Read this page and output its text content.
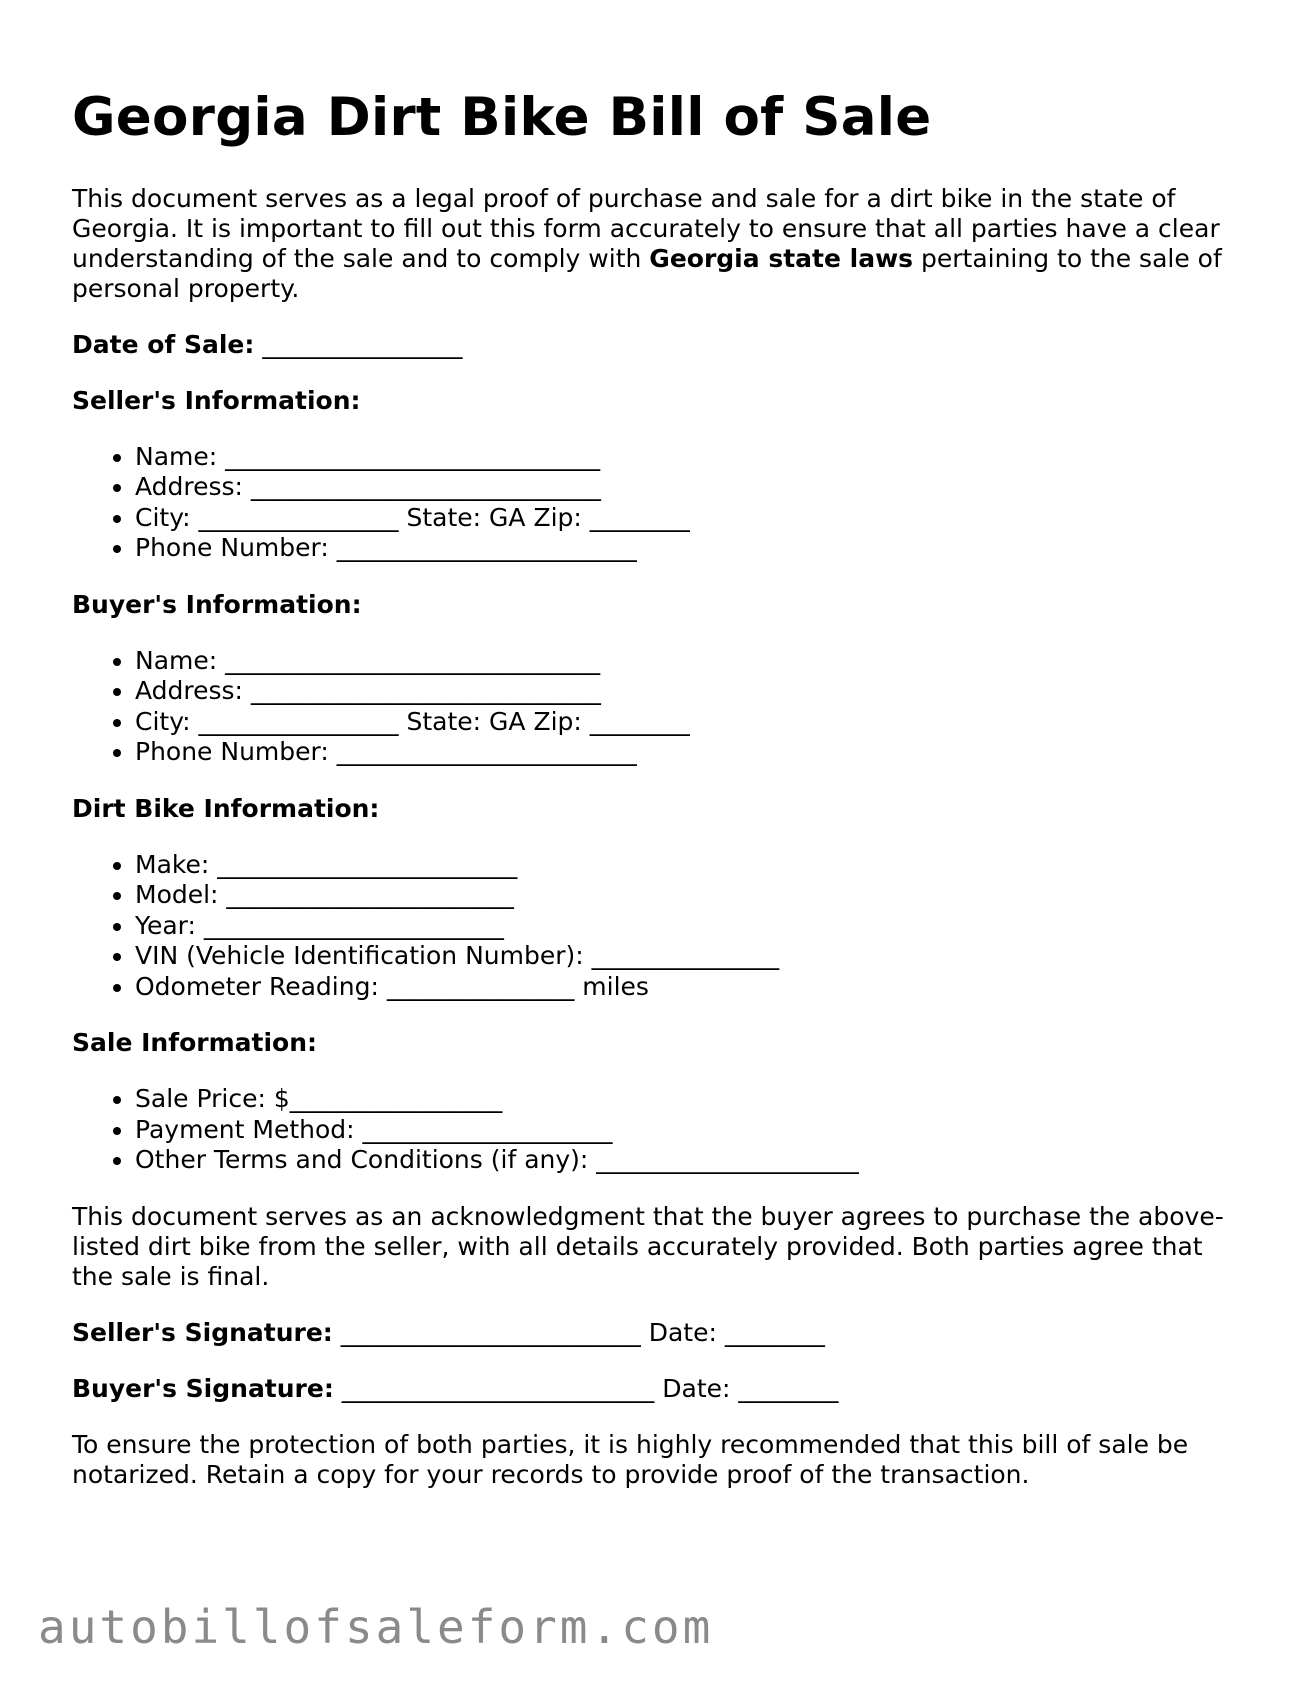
Georgia Dirt Bike Bill of Sale

This document serves as a legal proof of purchase and sale for a dirt bike in the state of Georgia. It is important to fill out this form accurately to ensure that all parties have a clear understanding of the sale and to comply with Georgia state laws pertaining to the sale of personal property.

Date of Sale: ________________
Seller's Information:
• Name: ______________________________
• Address: ____________________________
• City: ________________ State: GA Zip: ________
• Phone Number: ________________________
Buyer's Information:
• Name: ______________________________
• Address: ____________________________
• City: ________________ State: GA Zip: ________
• Phone Number: ________________________
Dirt Bike Information:
• Make: ________________________
• Model: _______________________
• Year: ________________________
• VIN (Vehicle Identification Number): _______________
• Odometer Reading: _______________ miles
Sale Information:
• Sale Price: $_________________
• Payment Method: ____________________
• Other Terms and Conditions (if any): _____________________

This document serves as an acknowledgment that the buyer agrees to purchase the above-listed dirt bike from the seller, with all details accurately provided. Both parties agree that the sale is final.

Seller's Signature: ________________________ Date: ________
Buyer's Signature: _________________________ Date: ________

To ensure the protection of both parties, it is highly recommended that this bill of sale be notarized. Retain a copy for your records to provide proof of the transaction.

autobillofsaleform.com
